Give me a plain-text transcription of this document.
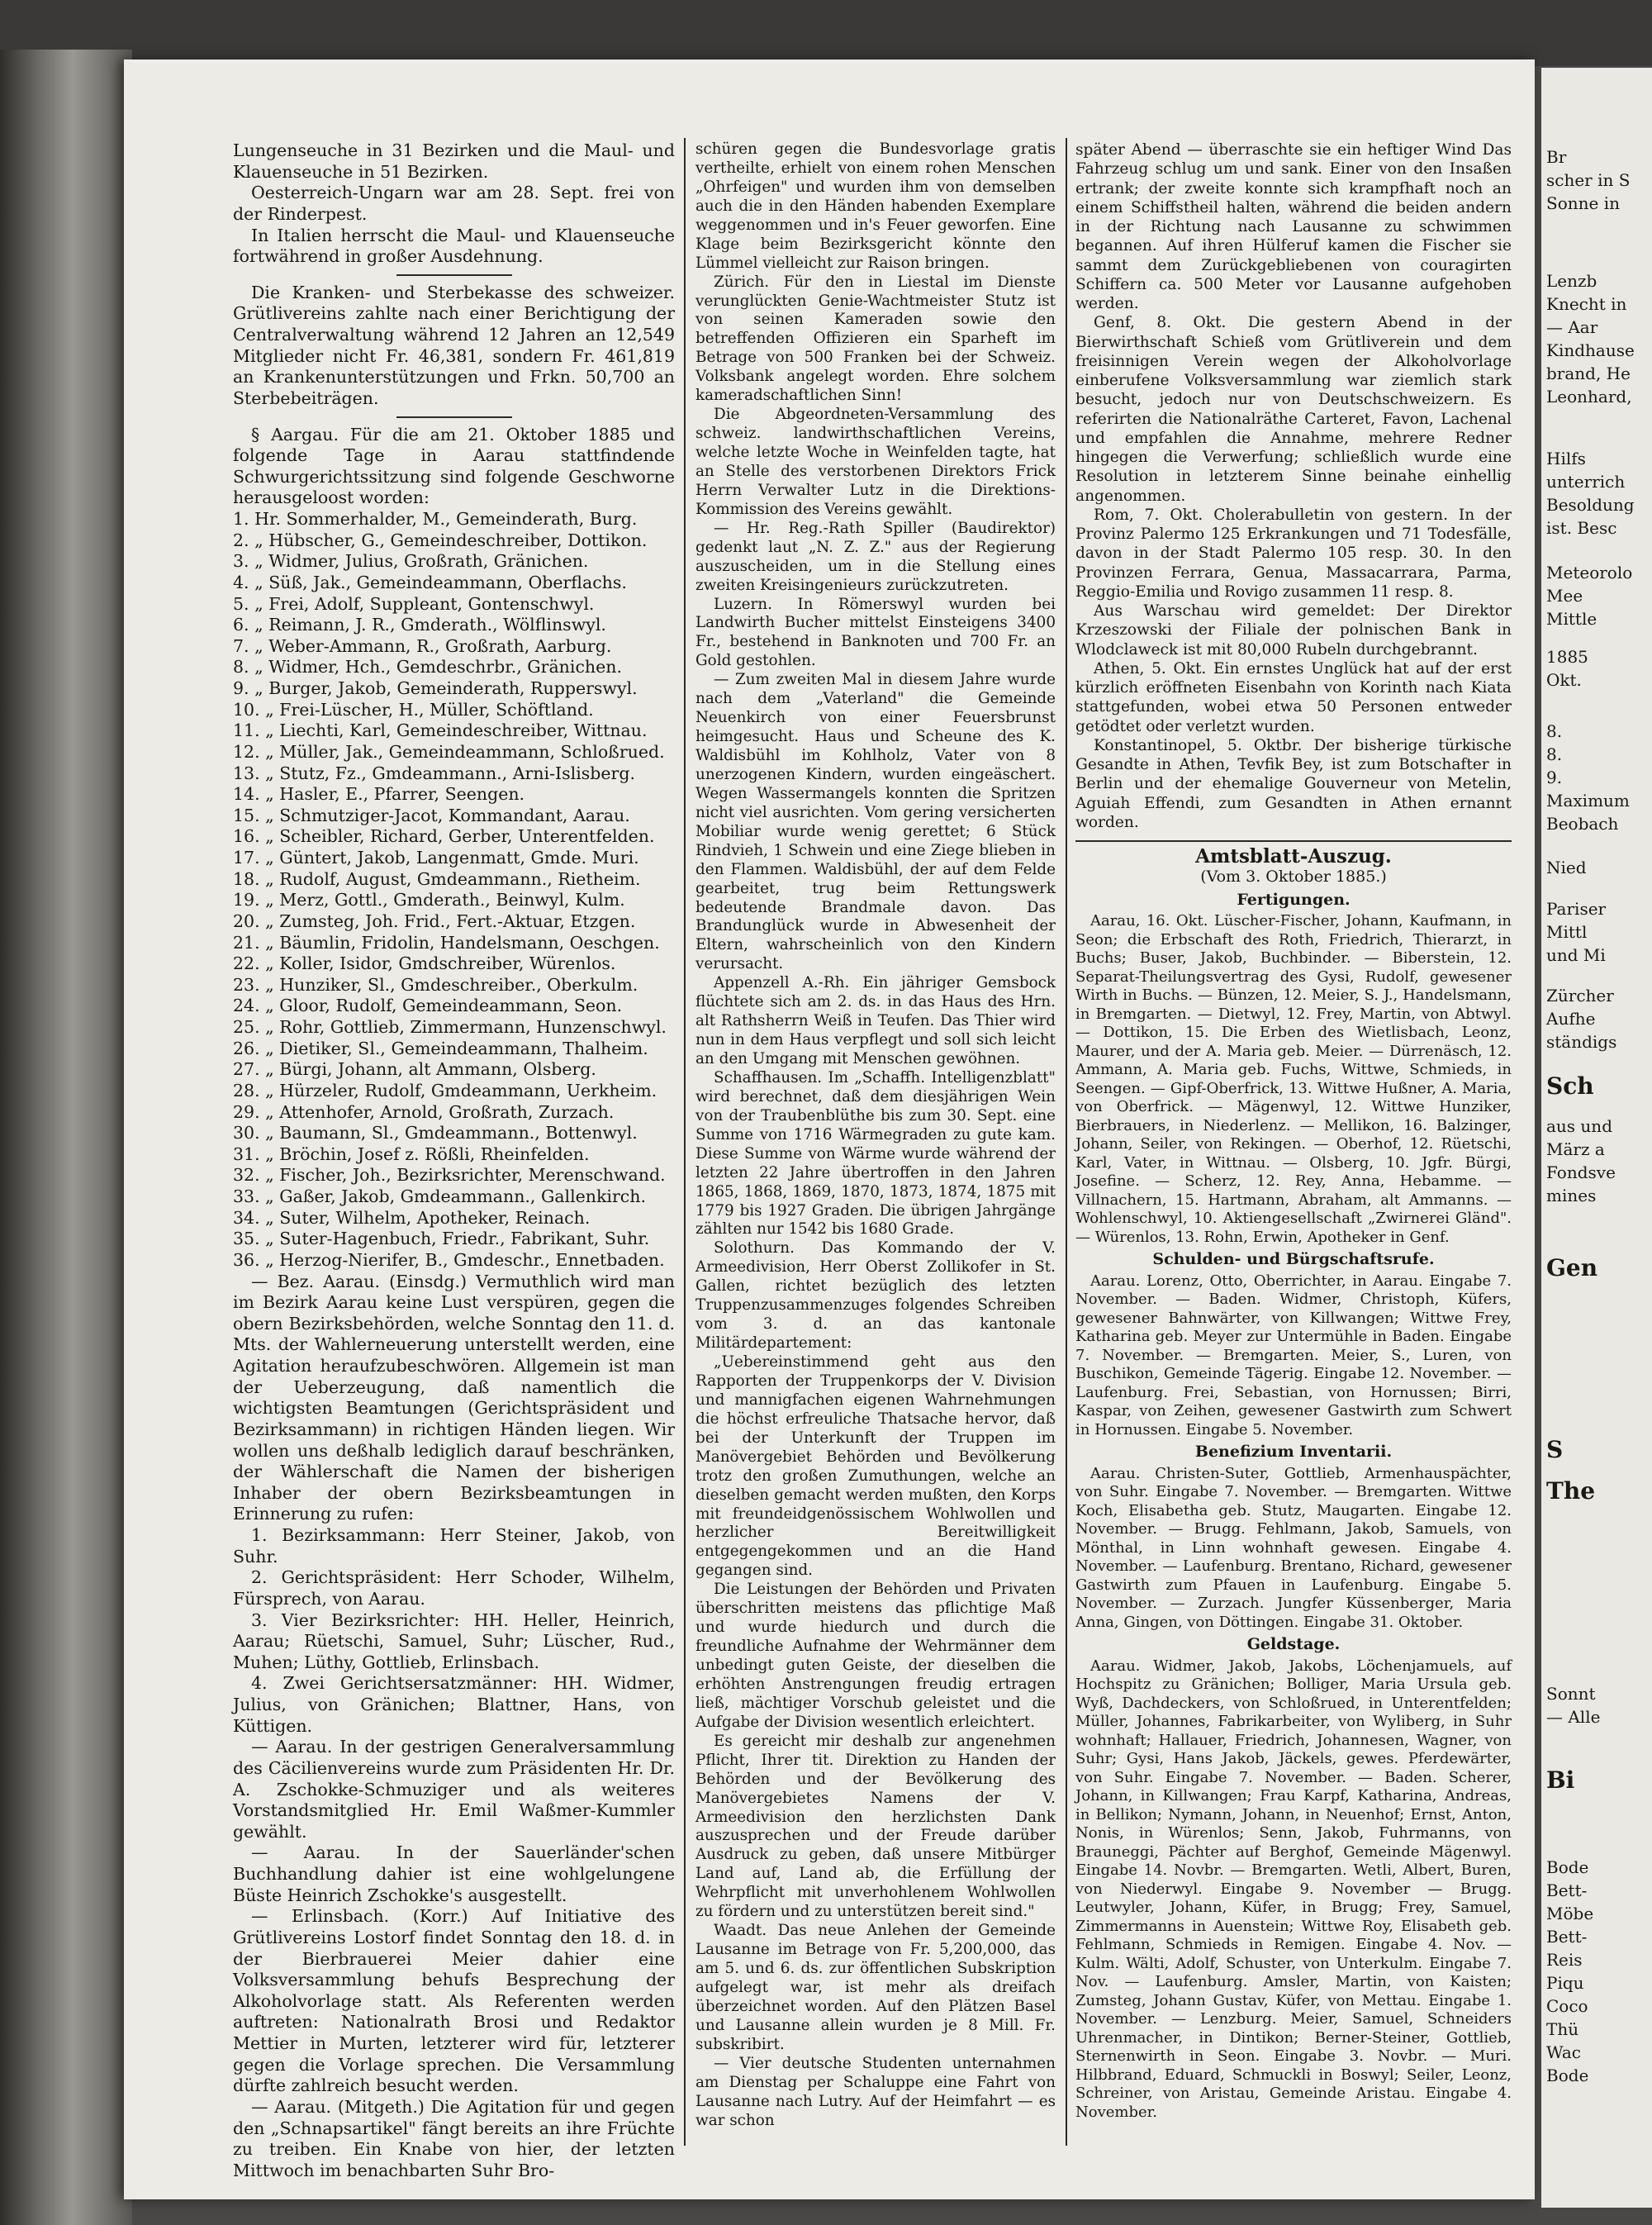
Lungenseuche in 31 Bezirken und die Maul- und Klauenseuche in 51 Bezirken.

Oesterreich-Ungarn war am 28. Sept. frei von der Rinderpest.

In Italien herrscht die Maul- und Klauenseuche fortwährend in großer Ausdehnung.

Die Kranken- und Sterbekasse des schweizer. Grütlivereins zahlte nach einer Berichtigung der Centralverwaltung während 12 Jahren an 12,549 Mitglieder nicht Fr. 46,381, sondern Fr. 461,819 an Krankenunterstützungen und Frkn. 50,700 an Sterbebeiträgen.

§ Aargau. Für die am 21. Oktober 1885 und folgende Tage in Aarau stattfindende Schwurgerichtssitzung sind folgende Geschworne herausgeloost worden:

1. Hr. Sommerhalder, M., Gemeinderath, Burg.
2. „ Hübscher, G., Gemeindeschreiber, Dottikon.
3. „ Widmer, Julius, Großrath, Gränichen.
4. „ Süß, Jak., Gemeindeammann, Oberflachs.
5. „ Frei, Adolf, Suppleant, Gontenschwyl.
6. „ Reimann, J. R., Gmderath., Wölflinswyl.
7. „ Weber-Ammann, R., Großrath, Aarburg.
8. „ Widmer, Hch., Gemdeschrbr., Gränichen.
9. „ Burger, Jakob, Gemeinderath, Rupperswyl.
10. „ Frei-Lüscher, H., Müller, Schöftland.
11. „ Liechti, Karl, Gemeindeschreiber, Wittnau.
12. „ Müller, Jak., Gemeindeammann, Schloßrued.
13. „ Stutz, Fz., Gmdeammann., Arni-Islisberg.
14. „ Hasler, E., Pfarrer, Seengen.
15. „ Schmutziger-Jacot, Kommandant, Aarau.
16. „ Scheibler, Richard, Gerber, Unterentfelden.
17. „ Güntert, Jakob, Langenmatt, Gmde. Muri.
18. „ Rudolf, August, Gmdeammann., Rietheim.
19. „ Merz, Gottl., Gmderath., Beinwyl, Kulm.
20. „ Zumsteg, Joh. Frid., Fert.-Aktuar, Etzgen.
21. „ Bäumlin, Fridolin, Handelsmann, Oeschgen.
22. „ Koller, Isidor, Gmdschreiber, Würenlos.
23. „ Hunziker, Sl., Gmdeschreiber., Oberkulm.
24. „ Gloor, Rudolf, Gemeindeammann, Seon.
25. „ Rohr, Gottlieb, Zimmermann, Hunzenschwyl.
26. „ Dietiker, Sl., Gemeindeammann, Thalheim.
27. „ Bürgi, Johann, alt Ammann, Olsberg.
28. „ Hürzeler, Rudolf, Gmdeammann, Uerkheim.
29. „ Attenhofer, Arnold, Großrath, Zurzach.
30. „ Baumann, Sl., Gmdeammann., Bottenwyl.
31. „ Bröchin, Josef z. Rößli, Rheinfelden.
32. „ Fischer, Joh., Bezirksrichter, Merenschwand.
33. „ Gaßer, Jakob, Gmdeammann., Gallenkirch.
34. „ Suter, Wilhelm, Apotheker, Reinach.
35. „ Suter-Hagenbuch, Friedr., Fabrikant, Suhr.
36. „ Herzog-Nierifer, B., Gmdeschr., Ennetbaden.

— Bez. Aarau. (Einsdg.) Vermuthlich wird man im Bezirk Aarau keine Lust verspüren, gegen die obern Bezirksbehörden, welche Sonntag den 11. d. Mts. der Wahlerneuerung unterstellt werden, eine Agitation heraufzubeschwören. Allgemein ist man der Ueberzeugung, daß namentlich die wichtigsten Beamtungen (Gerichtspräsident und Bezirksammann) in richtigen Händen liegen. Wir wollen uns deßhalb lediglich darauf beschränken, der Wählerschaft die Namen der bisherigen Inhaber der obern Bezirksbeamtungen in Erinnerung zu rufen:

1. Bezirksammann: Herr Steiner, Jakob, von Suhr.

2. Gerichtspräsident: Herr Schoder, Wilhelm, Fürsprech, von Aarau.

3. Vier Bezirksrichter: HH. Heller, Heinrich, Aarau; Rüetschi, Samuel, Suhr; Lüscher, Rud., Muhen; Lüthy, Gottlieb, Erlinsbach.

4. Zwei Gerichtsersatzmänner: HH. Widmer, Julius, von Gränichen; Blattner, Hans, von Küttigen.

— Aarau. In der gestrigen Generalversammlung des Cäcilienvereins wurde zum Präsidenten Hr. Dr. A. Zschokke-Schmuziger und als weiteres Vorstandsmitglied Hr. Emil Waßmer-Kummler gewählt.

— Aarau. In der Sauerländer'schen Buchhandlung dahier ist eine wohlgelungene Büste Heinrich Zschokke's ausgestellt.

— Erlinsbach. (Korr.) Auf Initiative des Grütlivereins Lostorf findet Sonntag den 18. d. in der Bierbrauerei Meier dahier eine Volksversammlung behufs Besprechung der Alkoholvorlage statt. Als Referenten werden auftreten: Nationalrath Brosi und Redaktor Mettier in Murten, letzterer wird für, letzterer gegen die Vorlage sprechen. Die Versammlung dürfte zahlreich besucht werden.

— Aarau. (Mitgeth.) Die Agitation für und gegen den „Schnapsartikel" fängt bereits an ihre Früchte zu treiben. Ein Knabe von hier, der letzten Mittwoch im benachbarten Suhr Bro-

schüren gegen die Bundesvorlage gratis vertheilte, erhielt von einem rohen Menschen „Ohrfeigen" und wurden ihm von demselben auch die in den Händen habenden Exemplare weggenommen und in's Feuer geworfen. Eine Klage beim Bezirksgericht könnte den Lümmel vielleicht zur Raison bringen.

Zürich. Für den in Liestal im Dienste verunglückten Genie-Wachtmeister Stutz ist von seinen Kameraden sowie den betreffenden Offizieren ein Sparheft im Betrage von 500 Franken bei der Schweiz. Volksbank angelegt worden. Ehre solchem kameradschaftlichen Sinn!

Die Abgeordneten-Versammlung des schweiz. landwirthschaftlichen Vereins, welche letzte Woche in Weinfelden tagte, hat an Stelle des verstorbenen Direktors Frick Herrn Verwalter Lutz in die Direktions-Kommission des Vereins gewählt.

— Hr. Reg.-Rath Spiller (Baudirektor) gedenkt laut „N. Z. Z." aus der Regierung auszuscheiden, um in die Stellung eines zweiten Kreisingenieurs zurückzutreten.

Luzern. In Römerswyl wurden bei Landwirth Bucher mittelst Einsteigens 3400 Fr., bestehend in Banknoten und 700 Fr. an Gold gestohlen.

— Zum zweiten Mal in diesem Jahre wurde nach dem „Vaterland" die Gemeinde Neuenkirch von einer Feuersbrunst heimgesucht. Haus und Scheune des K. Waldisbühl im Kohlholz, Vater von 8 unerzogenen Kindern, wurden eingeäschert. Wegen Wassermangels konnten die Spritzen nicht viel ausrichten. Vom gering versicherten Mobiliar wurde wenig gerettet; 6 Stück Rindvieh, 1 Schwein und eine Ziege blieben in den Flammen. Waldisbühl, der auf dem Felde gearbeitet, trug beim Rettungswerk bedeutende Brandmale davon. Das Brandunglück wurde in Abwesenheit der Eltern, wahrscheinlich von den Kindern verursacht.

Appenzell A.-Rh. Ein jähriger Gemsbock flüchtete sich am 2. ds. in das Haus des Hrn. alt Rathsherrn Weiß in Teufen. Das Thier wird nun in dem Haus verpflegt und soll sich leicht an den Umgang mit Menschen gewöhnen.

Schaffhausen. Im „Schaffh. Intelligenzblatt" wird berechnet, daß dem diesjährigen Wein von der Traubenblüthe bis zum 30. Sept. eine Summe von 1716 Wärmegraden zu gute kam. Diese Summe von Wärme wurde während der letzten 22 Jahre übertroffen in den Jahren 1865, 1868, 1869, 1870, 1873, 1874, 1875 mit 1779 bis 1927 Graden. Die übrigen Jahrgänge zählten nur 1542 bis 1680 Grade.

Solothurn. Das Kommando der V. Armeedivision, Herr Oberst Zollikofer in St. Gallen, richtet bezüglich des letzten Truppenzusammenzuges folgendes Schreiben vom 3. d. an das kantonale Militärdepartement:

„Uebereinstimmend geht aus den Rapporten der Truppenkorps der V. Division und mannigfachen eigenen Wahrnehmungen die höchst erfreuliche Thatsache hervor, daß bei der Unterkunft der Truppen im Manövergebiet Behörden und Bevölkerung trotz den großen Zumuthungen, welche an dieselben gemacht werden mußten, den Korps mit freundeidgenössischem Wohlwollen und herzlicher Bereitwilligkeit entgegengekommen und an die Hand gegangen sind.

Die Leistungen der Behörden und Privaten überschritten meistens das pflichtige Maß und wurde hiedurch und durch die freundliche Aufnahme der Wehrmänner dem unbedingt guten Geiste, der dieselben die erhöhten Anstrengungen freudig ertragen ließ, mächtiger Vorschub geleistet und die Aufgabe der Division wesentlich erleichtert.

Es gereicht mir deshalb zur angenehmen Pflicht, Ihrer tit. Direktion zu Handen der Behörden und der Bevölkerung des Manövergebietes Namens der V. Armeedivision den herzlichsten Dank auszusprechen und der Freude darüber Ausdruck zu geben, daß unsere Mitbürger Land auf, Land ab, die Erfüllung der Wehrpflicht mit unverhohlenem Wohlwollen zu fördern und zu unterstützen bereit sind."

Waadt. Das neue Anlehen der Gemeinde Lausanne im Betrage von Fr. 5,200,000, das am 5. und 6. ds. zur öffentlichen Subskription aufgelegt war, ist mehr als dreifach überzeichnet worden. Auf den Plätzen Basel und Lausanne allein wurden je 8 Mill. Fr. subskribirt.

— Vier deutsche Studenten unternahmen am Dienstag per Schaluppe eine Fahrt von Lausanne nach Lutry. Auf der Heimfahrt — es war schon

später Abend — überraschte sie ein heftiger Wind Das Fahrzeug schlug um und sank. Einer von den Insaßen ertrank; der zweite konnte sich krampfhaft noch an einem Schiffstheil halten, während die beiden andern in der Richtung nach Lausanne zu schwimmen begannen. Auf ihren Hülferuf kamen die Fischer sie sammt dem Zurückgebliebenen von couragirten Schiffern ca. 500 Meter vor Lausanne aufgehoben werden.

Genf, 8. Okt. Die gestern Abend in der Bierwirthschaft Schieß vom Grütliverein und dem freisinnigen Verein wegen der Alkoholvorlage einberufene Volksversammlung war ziemlich stark besucht, jedoch nur von Deutschschweizern. Es referirten die Nationalräthe Carteret, Favon, Lachenal und empfahlen die Annahme, mehrere Redner hingegen die Verwerfung; schließlich wurde eine Resolution in letzterem Sinne beinahe einhellig angenommen.

Rom, 7. Okt. Cholerabulletin von gestern. In der Provinz Palermo 125 Erkrankungen und 71 Todesfälle, davon in der Stadt Palermo 105 resp. 30. In den Provinzen Ferrara, Genua, Massacarrara, Parma, Reggio-Emilia und Rovigo zusammen 11 resp. 8.

Aus Warschau wird gemeldet: Der Direktor Krzeszowski der Filiale der polnischen Bank in Wlodclaweck ist mit 80,000 Rubeln durchgebrannt.

Athen, 5. Okt. Ein ernstes Unglück hat auf der erst kürzlich eröffneten Eisenbahn von Korinth nach Kiata stattgefunden, wobei etwa 50 Personen entweder getödtet oder verletzt wurden.

Konstantinopel, 5. Oktbr. Der bisherige türkische Gesandte in Athen, Tevfik Bey, ist zum Botschafter in Berlin und der ehemalige Gouverneur von Metelin, Aguiah Effendi, zum Gesandten in Athen ernannt worden.

Amtsblatt-Auszug.
(Vom 3. Oktober 1885.)
Fertigungen.

Aarau, 16. Okt. Lüscher-Fischer, Johann, Kaufmann, in Seon; die Erbschaft des Roth, Friedrich, Thierarzt, in Buchs; Buser, Jakob, Buchbinder. — Biberstein, 12. Separat-Theilungsvertrag des Gysi, Rudolf, gewesener Wirth in Buchs. — Bünzen, 12. Meier, S. J., Handelsmann, in Bremgarten. — Dietwyl, 12. Frey, Martin, von Abtwyl. — Dottikon, 15. Die Erben des Wietlisbach, Leonz, Maurer, und der A. Maria geb. Meier. — Dürrenäsch, 12. Ammann, A. Maria geb. Fuchs, Wittwe, Schmieds, in Seengen. — Gipf-Oberfrick, 13. Wittwe Hußner, A. Maria, von Oberfrick. — Mägenwyl, 12. Wittwe Hunziker, Bierbrauers, in Niederlenz. — Mellikon, 16. Balzinger, Johann, Seiler, von Rekingen. — Oberhof, 12. Rüetschi, Karl, Vater, in Wittnau. — Olsberg, 10. Jgfr. Bürgi, Josefine. — Scherz, 12. Rey, Anna, Hebamme. — Villnachern, 15. Hartmann, Abraham, alt Ammanns. — Wohlenschwyl, 10. Aktiengesellschaft „Zwirnerei Gländ". — Würenlos, 13. Rohn, Erwin, Apotheker in Genf.

Schulden- und Bürgschaftsrufe.

Aarau. Lorenz, Otto, Oberrichter, in Aarau. Eingabe 7. November. — Baden. Widmer, Christoph, Küfers, gewesener Bahnwärter, von Killwangen; Wittwe Frey, Katharina geb. Meyer zur Untermühle in Baden. Eingabe 7. November. — Bremgarten. Meier, S., Luren, von Buschikon, Gemeinde Tägerig. Eingabe 12. November. — Laufenburg. Frei, Sebastian, von Hornussen; Birri, Kaspar, von Zeihen, gewesener Gastwirth zum Schwert in Hornussen. Eingabe 5. November.

Benefizium Inventarii.

Aarau. Christen-Suter, Gottlieb, Armenhauspächter, von Suhr. Eingabe 7. November. — Bremgarten. Wittwe Koch, Elisabetha geb. Stutz, Maugarten. Eingabe 12. November. — Brugg. Fehlmann, Jakob, Samuels, von Mönthal, in Linn wohnhaft gewesen. Eingabe 4. November. — Laufenburg. Brentano, Richard, gewesener Gastwirth zum Pfauen in Laufenburg. Eingabe 5. November. — Zurzach. Jungfer Küssenberger, Maria Anna, Gingen, von Döttingen. Eingabe 31. Oktober.

Geldstage.

Aarau. Widmer, Jakob, Jakobs, Löchenjamuels, auf Hochspitz zu Gränichen; Bolliger, Maria Ursula geb. Wyß, Dachdeckers, von Schloßrued, in Unterentfelden; Müller, Johannes, Fabrikarbeiter, von Wyliberg, in Suhr wohnhaft; Hallauer, Friedrich, Johannesen, Wagner, von Suhr; Gysi, Hans Jakob, Jäckels, gewes. Pferdewärter, von Suhr. Eingabe 7. November. — Baden. Scherer, Johann, in Killwangen; Frau Karpf, Katharina, Andreas, in Bellikon; Nymann, Johann, in Neuenhof; Ernst, Anton, Nonis, in Würenlos; Senn, Jakob, Fuhrmanns, von Brauneggi, Pächter auf Berghof, Gemeinde Mägenwyl. Eingabe 14. Novbr. — Bremgarten. Wetli, Albert, Buren, von Niederwyl. Eingabe 9. November — Brugg. Leutwyler, Johann, Küfer, in Brugg; Frey, Samuel, Zimmermanns in Auenstein; Wittwe Roy, Elisabeth geb. Fehlmann, Schmieds in Remigen. Eingabe 4. Nov. — Kulm. Wälti, Adolf, Schuster, von Unterkulm. Eingabe 7. Nov. — Laufenburg. Amsler, Martin, von Kaisten; Zumsteg, Johann Gustav, Küfer, von Mettau. Eingabe 1. November. — Lenzburg. Meier, Samuel, Schneiders Uhrenmacher, in Dintikon; Berner-Steiner, Gottlieb, Sternenwirth in Seon. Eingabe 3. Novbr. — Muri. Hilbbrand, Eduard, Schmuckli in Boswyl; Seiler, Leonz, Schreiner, von Aristau, Gemeinde Aristau. Eingabe 4. November.

Br
scher in S
Sonne in
Lenzb
Knecht in
— Aar
Kindhause
brand, He
Leonhard,
Hilfs
unterrich
Besoldung
ist. Besc
Meteorolo
Mee
Mittle
1885
Okt.
8.
8.
9.
Maximum
Beobach
Nied
Pariser
Mittl
und Mi
Zürcher
Aufhe
ständigs
Sch
aus und
März a
Fondsve
mines
Gen
S
Sonnt
— Alle
The
Bi
Bode
Bett-
Möbe
Bett-
Reis
Piqu
Coco
Thü
Wac
Bode
